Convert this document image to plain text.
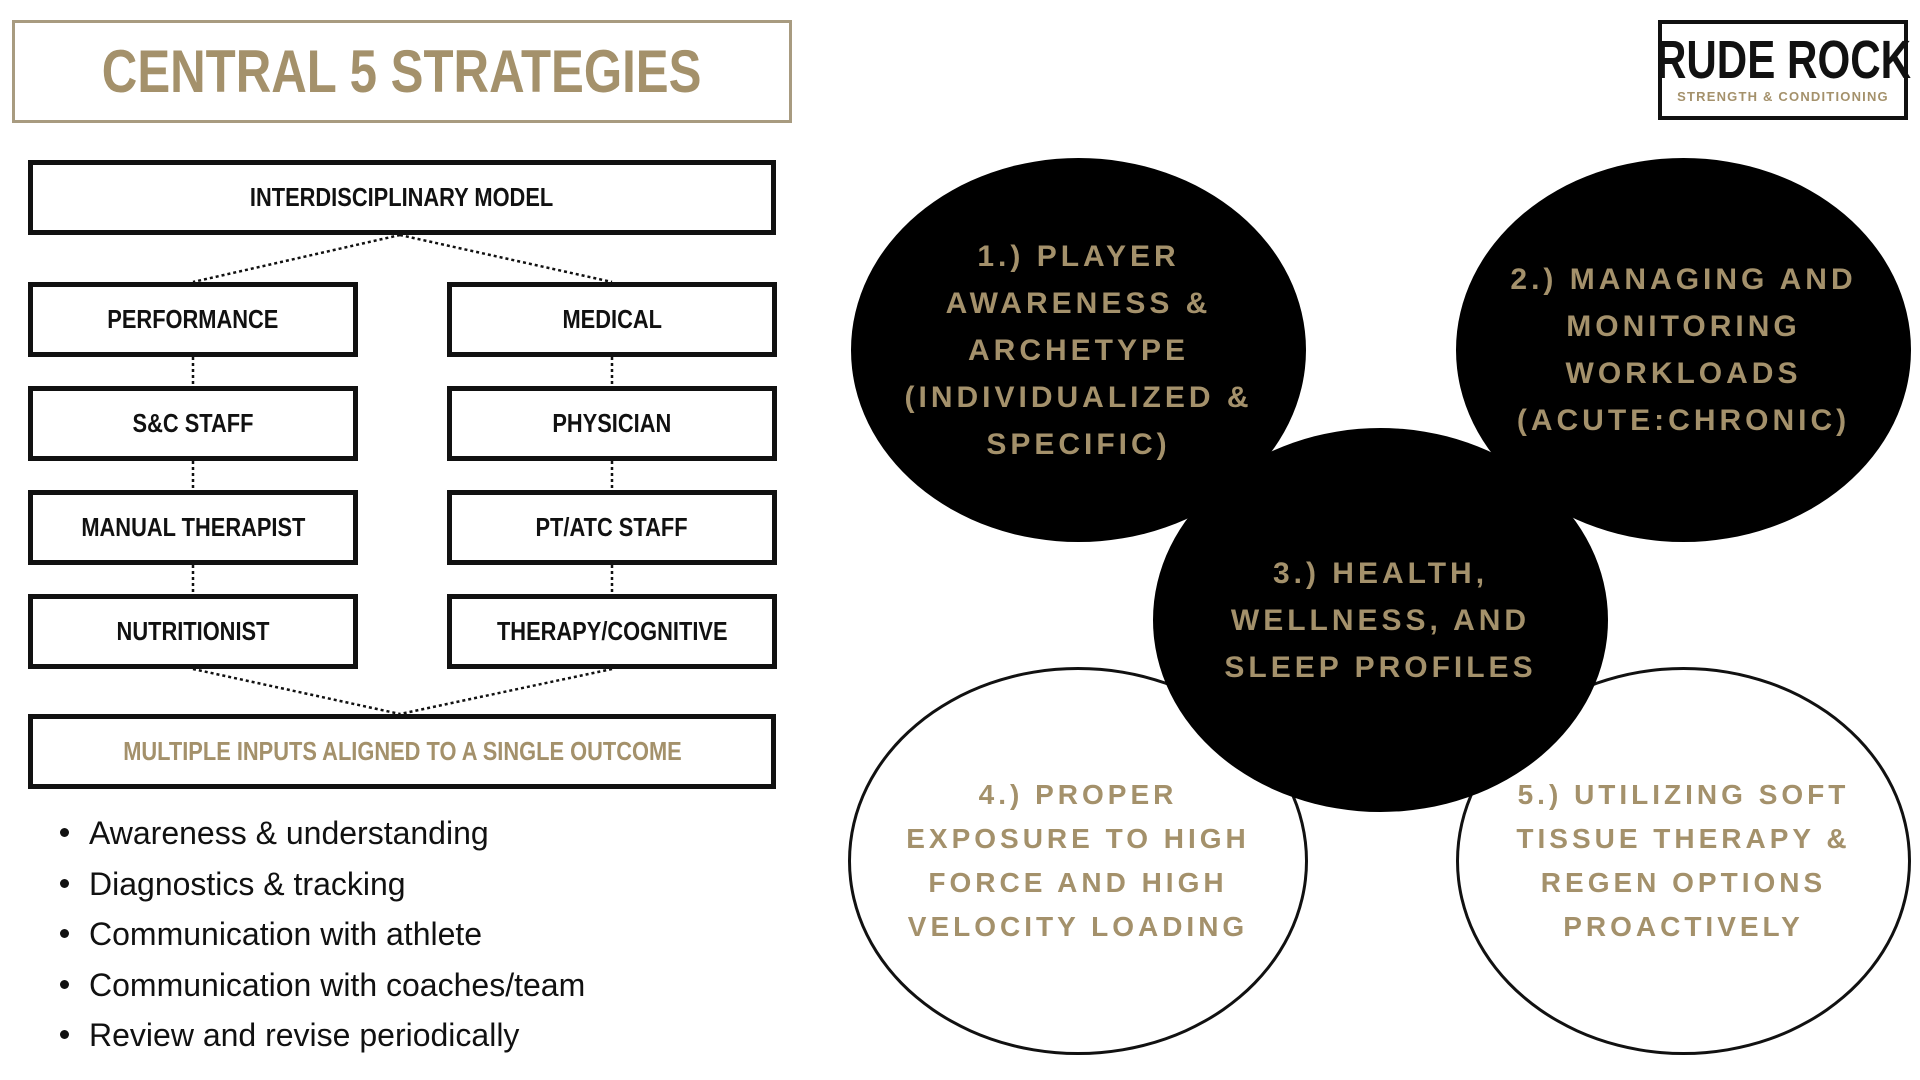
CENTRAL 5 STRATEGIES	RUDE ROCK
STRENGTH & CONDITIONING
INTERDISCIPLINARY MODEL
PERFORMANCE
S&C STAFF
MANUAL THERAPIST
NUTRITIONIST
MEDICAL
PHYSICIAN
PT/ATC STAFF
THERAPY/COGNITIVE
MULTIPLE INPUTS ALIGNED TO A SINGLE OUTCOME
Awareness & understanding
Diagnostics & tracking
Communication with athlete
Communication with coaches/team
Review and revise periodically
4.) PROPER
EXPOSURE TO HIGH
FORCE AND HIGH
VELOCITY LOADING
5.) UTILIZING SOFT
TISSUE THERAPY &
REGEN OPTIONS
PROACTIVELY
1.) PLAYER
AWARENESS &
ARCHETYPE
(INDIVIDUALIZED &
SPECIFIC)
2.) MANAGING AND
MONITORING
WORKLOADS
(ACUTE:CHRONIC)
3.) HEALTH,
WELLNESS, AND
SLEEP PROFILES
